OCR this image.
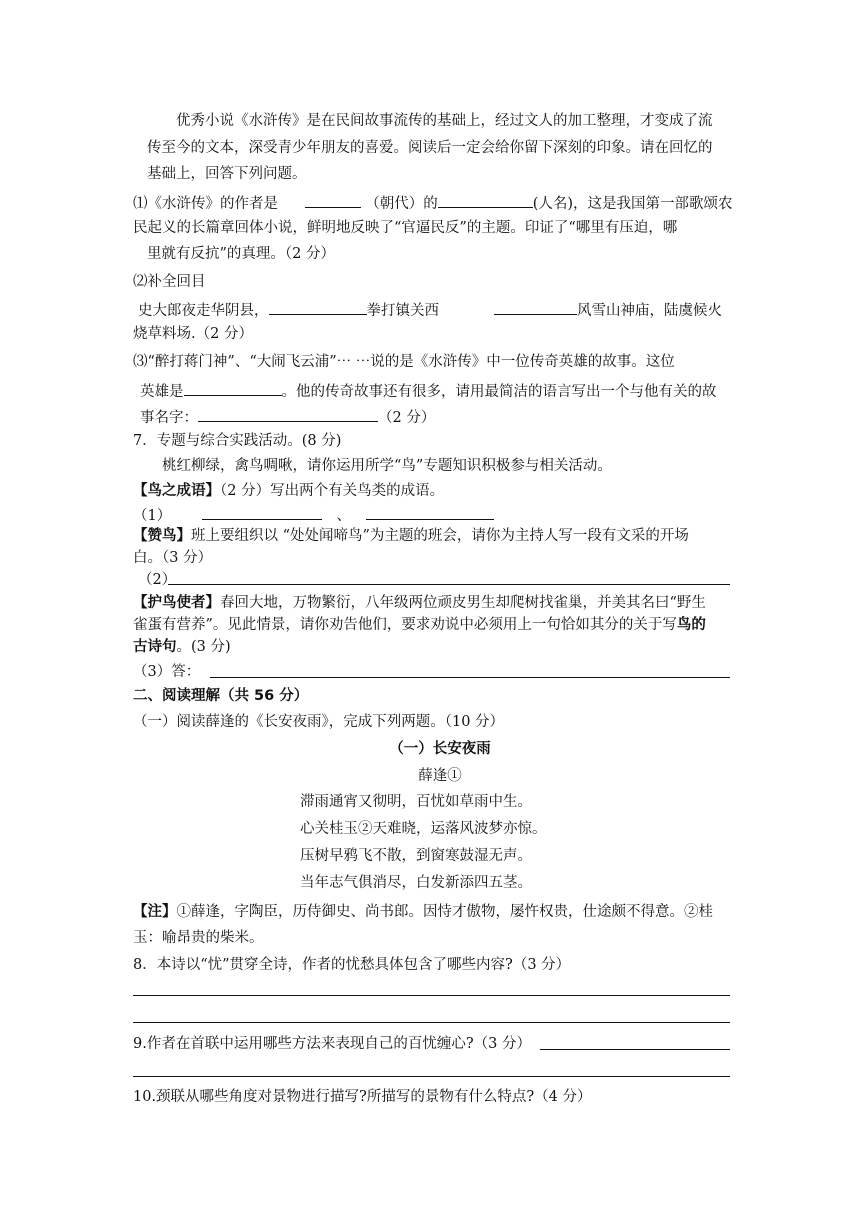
优秀小说《水浒传》是在民间故事流传的基础上，经过文人的加工整理，才变成了流
传至今的文本，深受青少年朋友的喜爱。阅读后一定会给你留下深刻的印象。请在回忆的
基础上，回答下列问题。
⑴《水浒传》的作者是	（朝代）的	(人名)，这是我国第一部歌颂农
民起义的长篇章回体小说，鲜明地反映了“官逼民反”的主题。印证了“哪里有压迫，哪
里就有反抗”的真理。（2 分）
⑵补全回目
史大郎夜走华阴县，	拳打镇关西	风雪山神庙，陆虞候火
烧草料场.（2 分）
⑶“醉打蒋门神”、“大闹飞云浦”⋯ ⋯说的是《水浒传》中一位传奇英雄的故事。这位
英雄是	。他的传奇故事还有很多，请用最简洁的语言写出一个与他有关的故
事名字：	（2 分）
7．专题与综合实践活动。(8 分)
桃红柳绿，禽鸟啁啾，请你运用所学“鸟”专题知识积极参与相关活动。
【鸟之成语】（2 分）写出两个有关鸟类的成语。
（1）	、
【赞鸟】班上要组织以 “处处闻啼鸟”为主题的班会，请你为主持人写一段有文采的开场
白。（3 分）
（2）
【护鸟使者】春回大地，万物繁衍，八年级两位顽皮男生却爬树找雀巢，并美其名曰“野生
雀蛋有营养”。见此情景，请你劝告他们，要求劝说中必须用上一句恰如其分的关于写鸟的
古诗句。(3 分)
（3）答：
二、阅读理解（共 56 分）
（一）阅读薛逢的《长安夜雨》，完成下列两题。（10 分）
（一）长安夜雨
薛逢①
滞雨通宵又彻明，百忧如草雨中生。
心关桂玉②天难晓，运落风波梦亦惊。
压树早鸦飞不散，到窗寒鼓湿无声。
当年志气俱消尽，白发新添四五茎。
【注】①薛逢，字陶臣，历侍御史、尚书郎。因恃才傲物，屡忤权贵，仕途颇不得意。②桂
玉：喻昂贵的柴米。
8．本诗以“忧”贯穿全诗，作者的忧愁具体包含了哪些内容?（3 分）
9.作者在首联中运用哪些方法来表现自己的百忧缠心?（3 分）
10.颈联从哪些角度对景物进行描写?所描写的景物有什么特点?（4 分）
